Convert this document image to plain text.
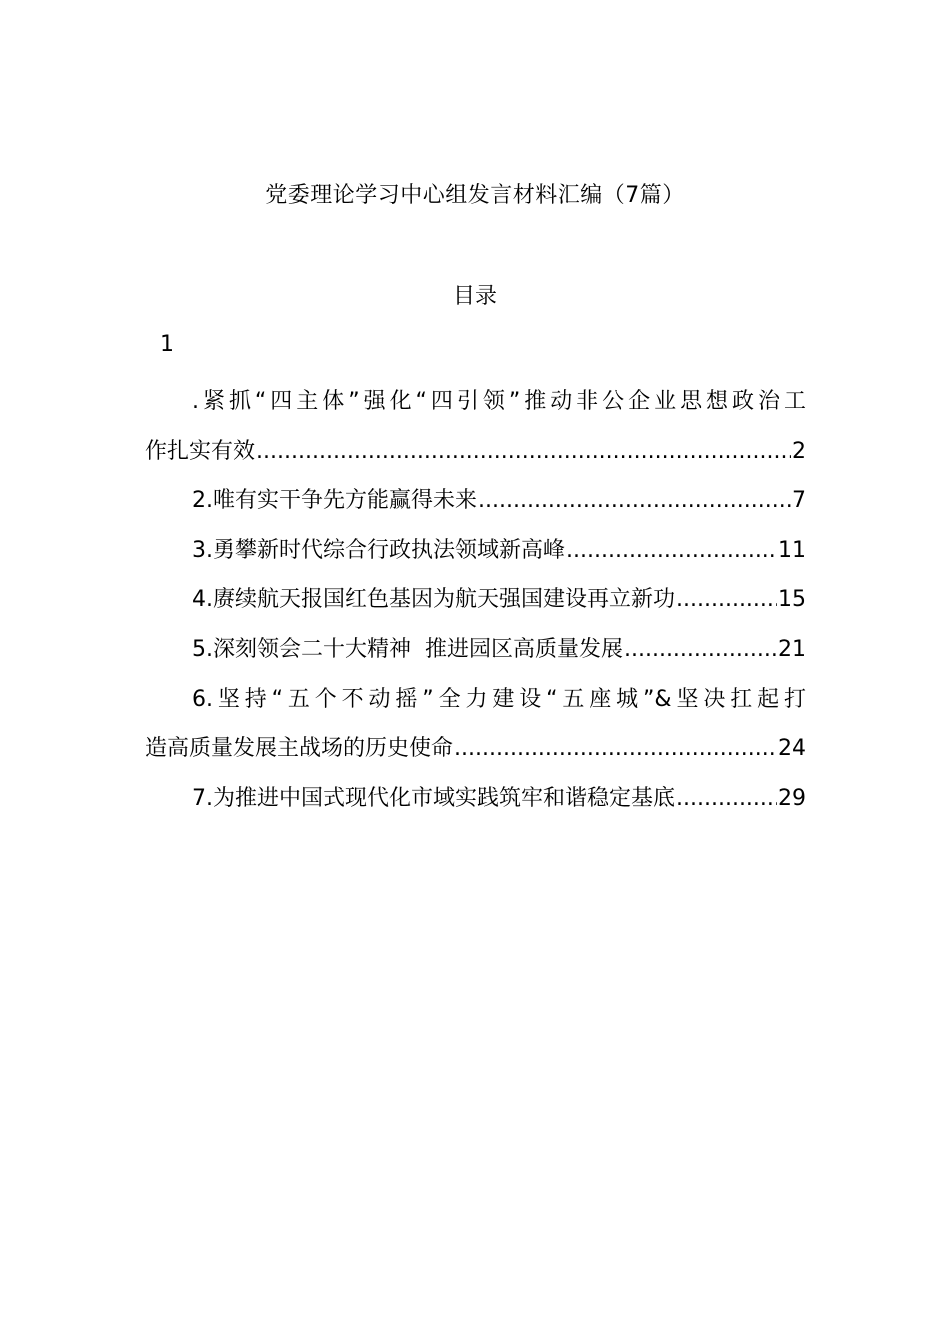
党委理论学习中心组发言材料汇编（7篇）
目录
1
.紧抓“四主体”强化“四引领”推动非公企业思想政治工
作扎实有效 .....	2
2.唯有实干争先方能赢得未来 .....	7
3.勇攀新时代综合行政执法领域新高峰 .....	11
4.赓续航天报国红色基因为航天强国建设再立新功 .....	15
5.深刻领会二十大精神  推进园区高质量发展 .....	21
6.坚持“五个不动摇”全力建设“五座城”&坚决扛起打
造高质量发展主战场的历史使命 .....	24
7.为推进中国式现代化市域实践筑牢和谐稳定基底 .....	29
